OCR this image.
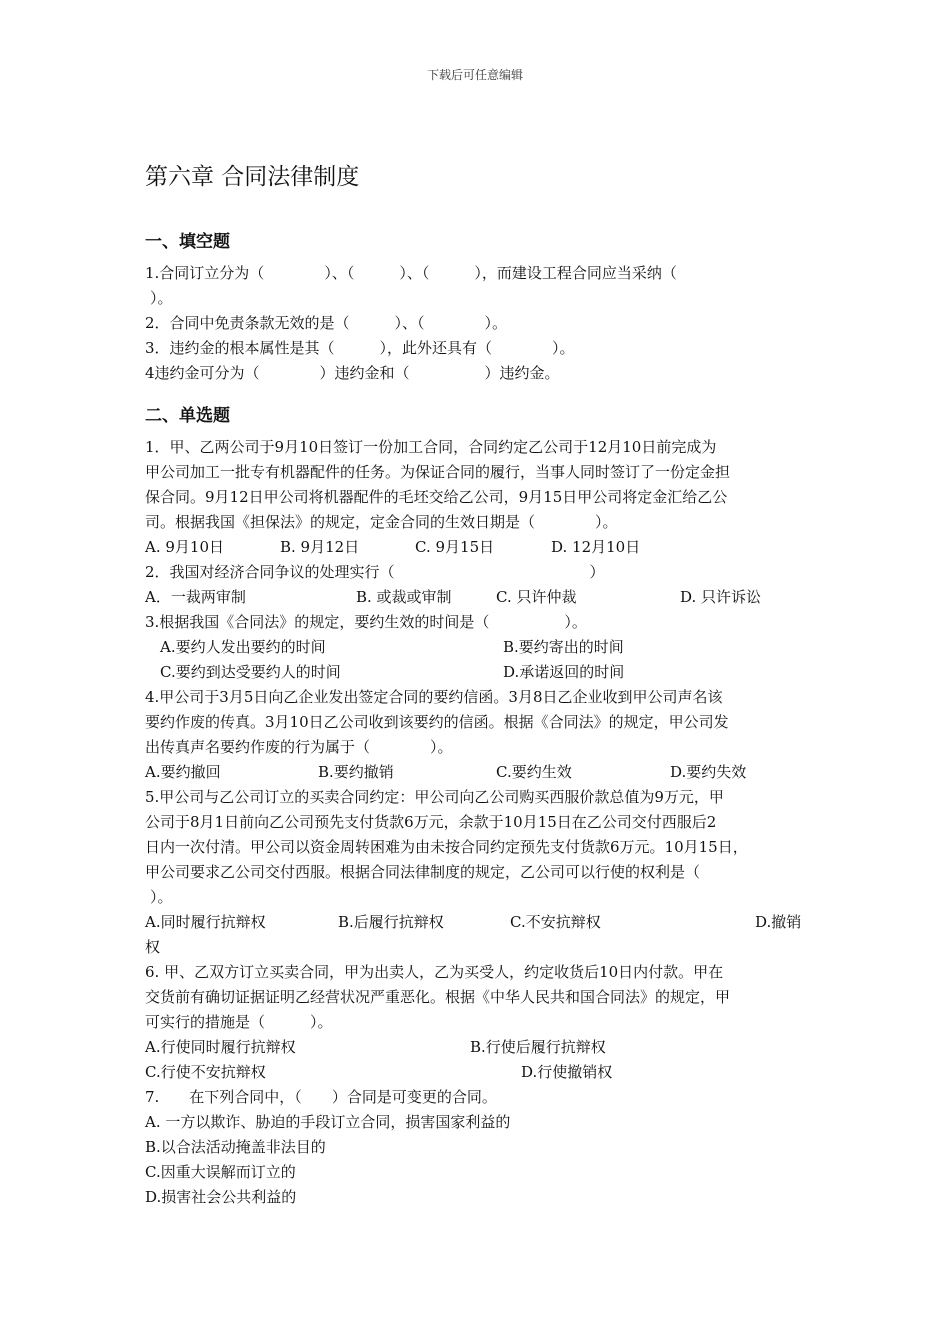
下载后可任意编辑
第六章 合同法律制度
一、填空题
1.合同订立分为（　　　　）、（　　　）、（　　　），而建设工程合同应当采纳（
）。
2．合同中免责条款无效的是（　　　）、（　　　　）。
3．违约金的根本属性是其（　　　），此外还具有（　　　　）。
4违约金可分为（　　　　）违约金和（　　　　　）违约金。
二、单选题
1．甲、乙两公司于9月10日签订一份加工合同，合同约定乙公司于12月10日前完成为
甲公司加工一批专有机器配件的任务。为保证合同的履行，当事人同时签订了一份定金担
保合同。9月12日甲公司将机器配件的毛坯交给乙公司，9月15日甲公司将定金汇给乙公
司。根据我国《担保法》的规定，定金合同的生效日期是（　　　　）。
A. 9月10日	B. 9月12日	C. 9月15日	D. 12月10日
2．我国对经济合同争议的处理实行（　　　　　　　　　　　　　）
A．一裁两审制	B. 或裁或审制	C. 只许仲裁	D. 只许诉讼
3.根据我国《合同法》的规定，要约生效的时间是（　　　　　）。
A.要约人发出要约的时间	B.要约寄出的时间
C.要约到达受要约人的时间	D.承诺返回的时间
4.甲公司于3月5日向乙企业发出签定合同的要约信函。3月8日乙企业收到甲公司声名该
要约作废的传真。3月10日乙公司收到该要约的信函。根据《合同法》的规定，甲公司发
出传真声名要约作废的行为属于（　　　　）。
A.要约撤回	B.要约撤销	C.要约生效	D.要约失效
5.甲公司与乙公司订立的买卖合同约定：甲公司向乙公司购买西服价款总值为9万元，甲
公司于8月1日前向乙公司预先支付货款6万元，余款于10月15日在乙公司交付西服后2
日内一次付清。甲公司以资金周转困难为由未按合同约定预先支付货款6万元。10月15日，
甲公司要求乙公司交付西服。根据合同法律制度的规定，乙公司可以行使的权利是（
）。
A.同时履行抗辩权	B.后履行抗辩权	C.不安抗辩权	D.撤销
权
6. 甲、乙双方订立买卖合同，甲为出卖人，乙为买受人，约定收货后10日内付款。甲在
交货前有确切证据证明乙经营状况严重恶化。根据《中华人民共和国合同法》的规定，甲
可实行的措施是（　　　）。
A.行使同时履行抗辩权	B.行使后履行抗辩权
C.行使不安抗辩权	D.行使撤销权
7.　　在下列合同中，（　　）合同是可变更的合同。
A. 一方以欺诈、胁迫的手段订立合同，损害国家利益的
B.以合法活动掩盖非法目的
C.因重大误解而订立的
D.损害社会公共利益的
